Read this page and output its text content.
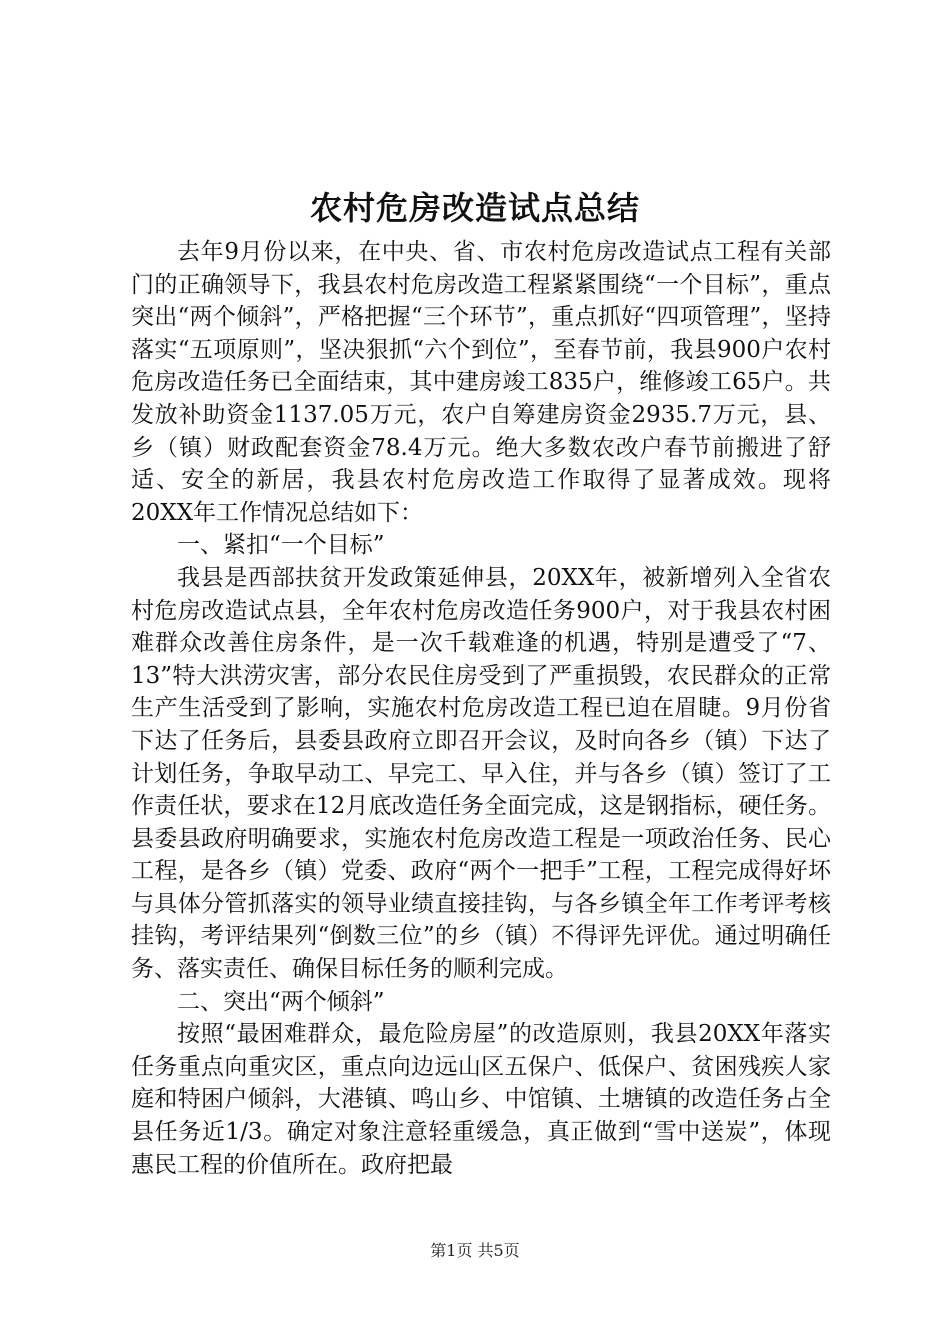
农村危房改造试点总结

去年9月份以来，在中央、省、市农村危房改造试点工程有关部门的正确领导下，我县农村危房改造工程紧紧围绕“一个目标”，重点突出“两个倾斜”，严格把握“三个环节”，重点抓好“四项管理”，坚持落实“五项原则”，坚决狠抓“六个到位”，至春节前，我县900户农村危房改造任务已全面结束，其中建房竣工835户，维修竣工65户。共发放补助资金1137.05万元，农户自筹建房资金2935.7万元，县、乡（镇）财政配套资金78.4万元。绝大多数农改户春节前搬进了舒适、安全的新居，我县农村危房改造工作取得了显著成效。现将20XX年工作情况总结如下：

一、紧扣“一个目标”

我县是西部扶贫开发政策延伸县，20XX年，被新增列入全省农村危房改造试点县，全年农村危房改造任务900户，对于我县农村困难群众改善住房条件，是一次千载难逢的机遇，特别是遭受了“7、13”特大洪涝灾害，部分农民住房受到了严重损毁，农民群众的正常生产生活受到了影响，实施农村危房改造工程已迫在眉睫。9月份省下达了任务后，县委县政府立即召开会议，及时向各乡（镇）下达了计划任务，争取早动工、早完工、早入住，并与各乡（镇）签订了工作责任状，要求在12月底改造任务全面完成，这是钢指标，硬任务。县委县政府明确要求，实施农村危房改造工程是一项政治任务、民心工程，是各乡（镇）党委、政府“两个一把手”工程，工程完成得好坏与具体分管抓落实的领导业绩直接挂钩，与各乡镇全年工作考评考核挂钩，考评结果列“倒数三位”的乡（镇）不得评先评优。通过明确任务、落实责任、确保目标任务的顺利完成。

二、突出“两个倾斜”

按照“最困难群众，最危险房屋”的改造原则，我县20XX年落实任务重点向重灾区，重点向边远山区五保户、低保户、贫困残疾人家庭和特困户倾斜，大港镇、鸣山乡、中馆镇、土塘镇的改造任务占全县任务近1/3。确定对象注意轻重缓急，真正做到“雪中送炭”，体现惠民工程的价值所在。政府把最

第1页 共5页
